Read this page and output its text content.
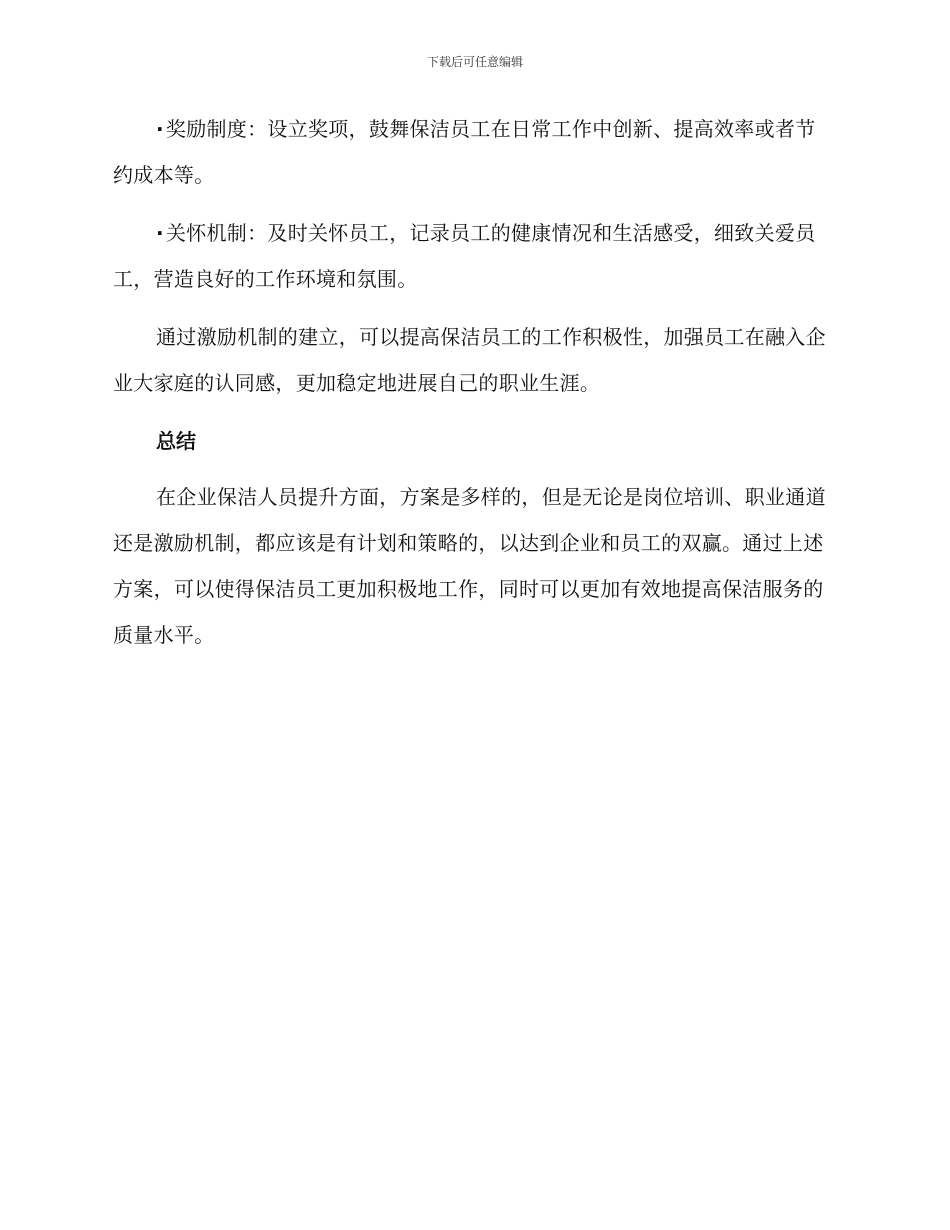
下载后可任意编辑

· 奖励制度：设立奖项，鼓舞保洁员工在日常工作中创新、提高效率或者节约成本等。

· 关怀机制：及时关怀员工，记录员工的健康情况和生活感受，细致关爱员工，营造良好的工作环境和氛围。

通过激励机制的建立，可以提高保洁员工的工作积极性，加强员工在融入企业大家庭的认同感，更加稳定地进展自己的职业生涯。

总结

在企业保洁人员提升方面，方案是多样的，但是无论是岗位培训、职业通道还是激励机制，都应该是有计划和策略的，以达到企业和员工的双赢。通过上述方案，可以使得保洁员工更加积极地工作，同时可以更加有效地提高保洁服务的质量水平。
